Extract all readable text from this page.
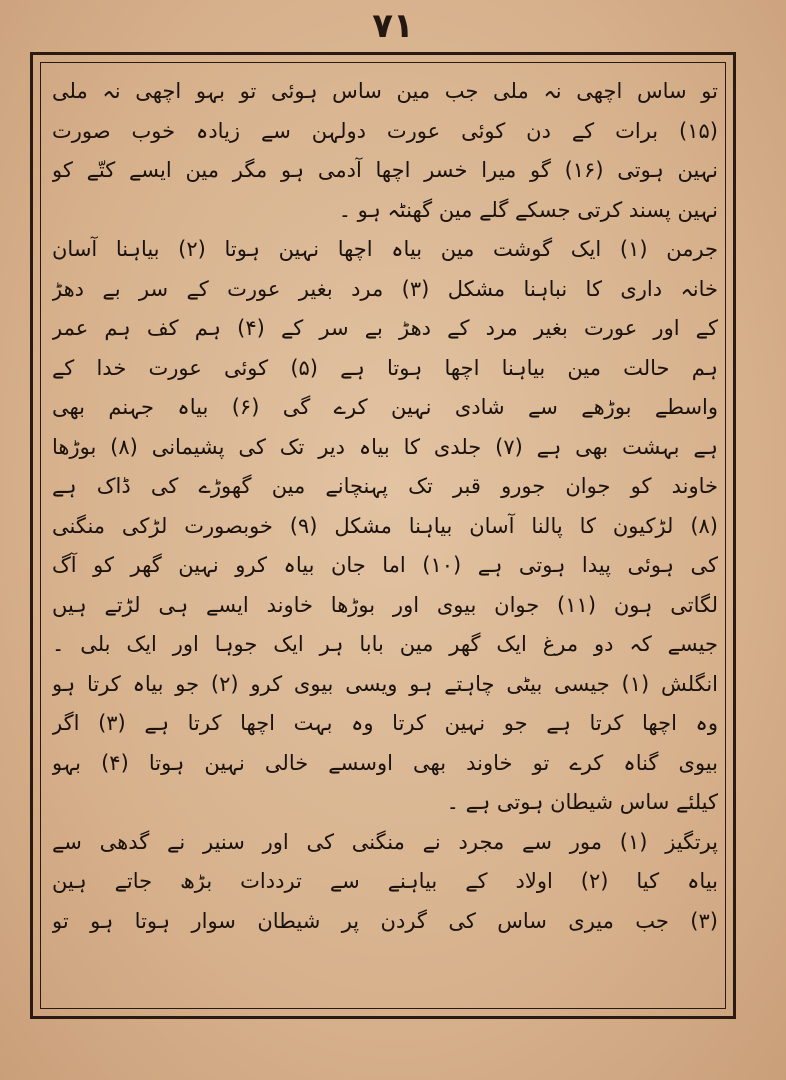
۷۱
تو ساس اچھی نہ ملی جب مین ساس ہوئی تو بہو اچھی نہ ملی
(۱۵) برات کے دن کوئی عورت دولہن سے زیادہ خوب صورت
نہین ہوتی (۱۶) گو میرا خسر اچھا آدمی ہو مگر مین ایسے کتّے کو
نہین پسند کرتی جسکے گلے مین گھنٹہ ہو ۔
جرمن (۱) ایک گوشت مین بیاہ اچھا نہین ہوتا (۲) بیاہنا آسان
خانہ داری کا نباہنا مشکل (۳) مرد بغیر عورت کے سر بے دھڑ
کے اور عورت بغیر مرد کے دھڑ بے سر کے (۴) ہم کف ہم عمر
ہم حالت مین بیاہنا اچھا ہوتا ہے (۵) کوئی عورت خدا کے
واسطے بوڑھے سے شادی نہین کرے گی (۶) بیاہ جہنم بھی
ہے بہشت بھی ہے (۷) جلدی کا بیاہ دیر تک کی پشیمانی (۸) بوڑھا
خاوند کو جوان جورو قبر تک پہنچانے مین گھوڑے کی ڈاک ہے
(۸) لڑکیون کا پالنا آسان بیاہنا مشکل (۹) خوبصورت لڑکی منگنی
کی ہوئی پیدا ہوتی ہے (۱۰) اما جان بیاہ کرو نہین گھر کو آگ
لگاتی ہون (۱۱) جوان بیوی اور بوڑھا خاوند ایسے ہی لڑتے ہیں
جیسے کہ دو مرغ ایک گھر مین بابا ہر ایک جوہا اور ایک بلی ۔
انگلش (۱) جیسی بیٹی چاہتے ہو ویسی بیوی کرو (۲) جو بیاہ کرتا ہو
وہ اچھا کرتا ہے جو نہین کرتا وہ بہت اچھا کرتا ہے (۳) اگر
بیوی گناہ کرے تو خاوند بھی اوسسے خالی نہین ہوتا (۴) بہو
کیلئے ساس شیطان ہوتی ہے ۔
پرتگیز (۱) مور سے مجرد نے منگنی کی اور سنیر نے گدھی سے
بیاہ کیا (۲) اولاد کے بیاہنے سے ترددات بڑھ جاتے ہین
(۳) جب میری ساس کی گردن پر شیطان سوار ہوتا ہو تو
